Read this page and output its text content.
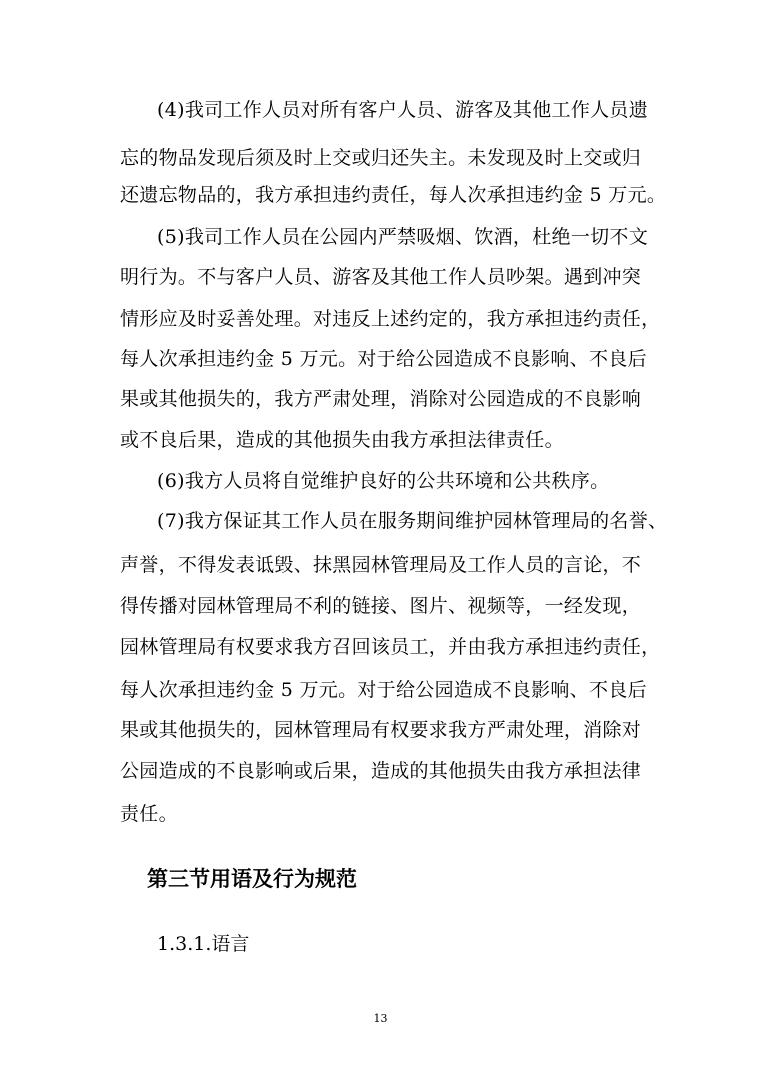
(4)我司工作人员对所有客户人员、游客及其他工作人员遗
忘的物品发现后须及时上交或归还失主。未发现及时上交或归
还遗忘物品的，我方承担违约责任，每人次承担违约金 5 万元。
(5)我司工作人员在公园内严禁吸烟、饮酒，杜绝一切不文
明行为。不与客户人员、游客及其他工作人员吵架。遇到冲突
情形应及时妥善处理。对违反上述约定的，我方承担违约责任，
每人次承担违约金 5 万元。对于给公园造成不良影响、不良后
果或其他损失的，我方严肃处理，消除对公园造成的不良影响
或不良后果，造成的其他损失由我方承担法律责任。
(6)我方人员将自觉维护良好的公共环境和公共秩序。
(7)我方保证其工作人员在服务期间维护园林管理局的名誉、
声誉，不得发表诋毁、抹黑园林管理局及工作人员的言论，不
得传播对园林管理局不利的链接、图片、视频等，一经发现，
园林管理局有权要求我方召回该员工，并由我方承担违约责任，
每人次承担违约金 5 万元。对于给公园造成不良影响、不良后
果或其他损失的，园林管理局有权要求我方严肃处理，消除对
公园造成的不良影响或后果，造成的其他损失由我方承担法律
责任。
第三节用语及行为规范
1.3.1.语言
13
